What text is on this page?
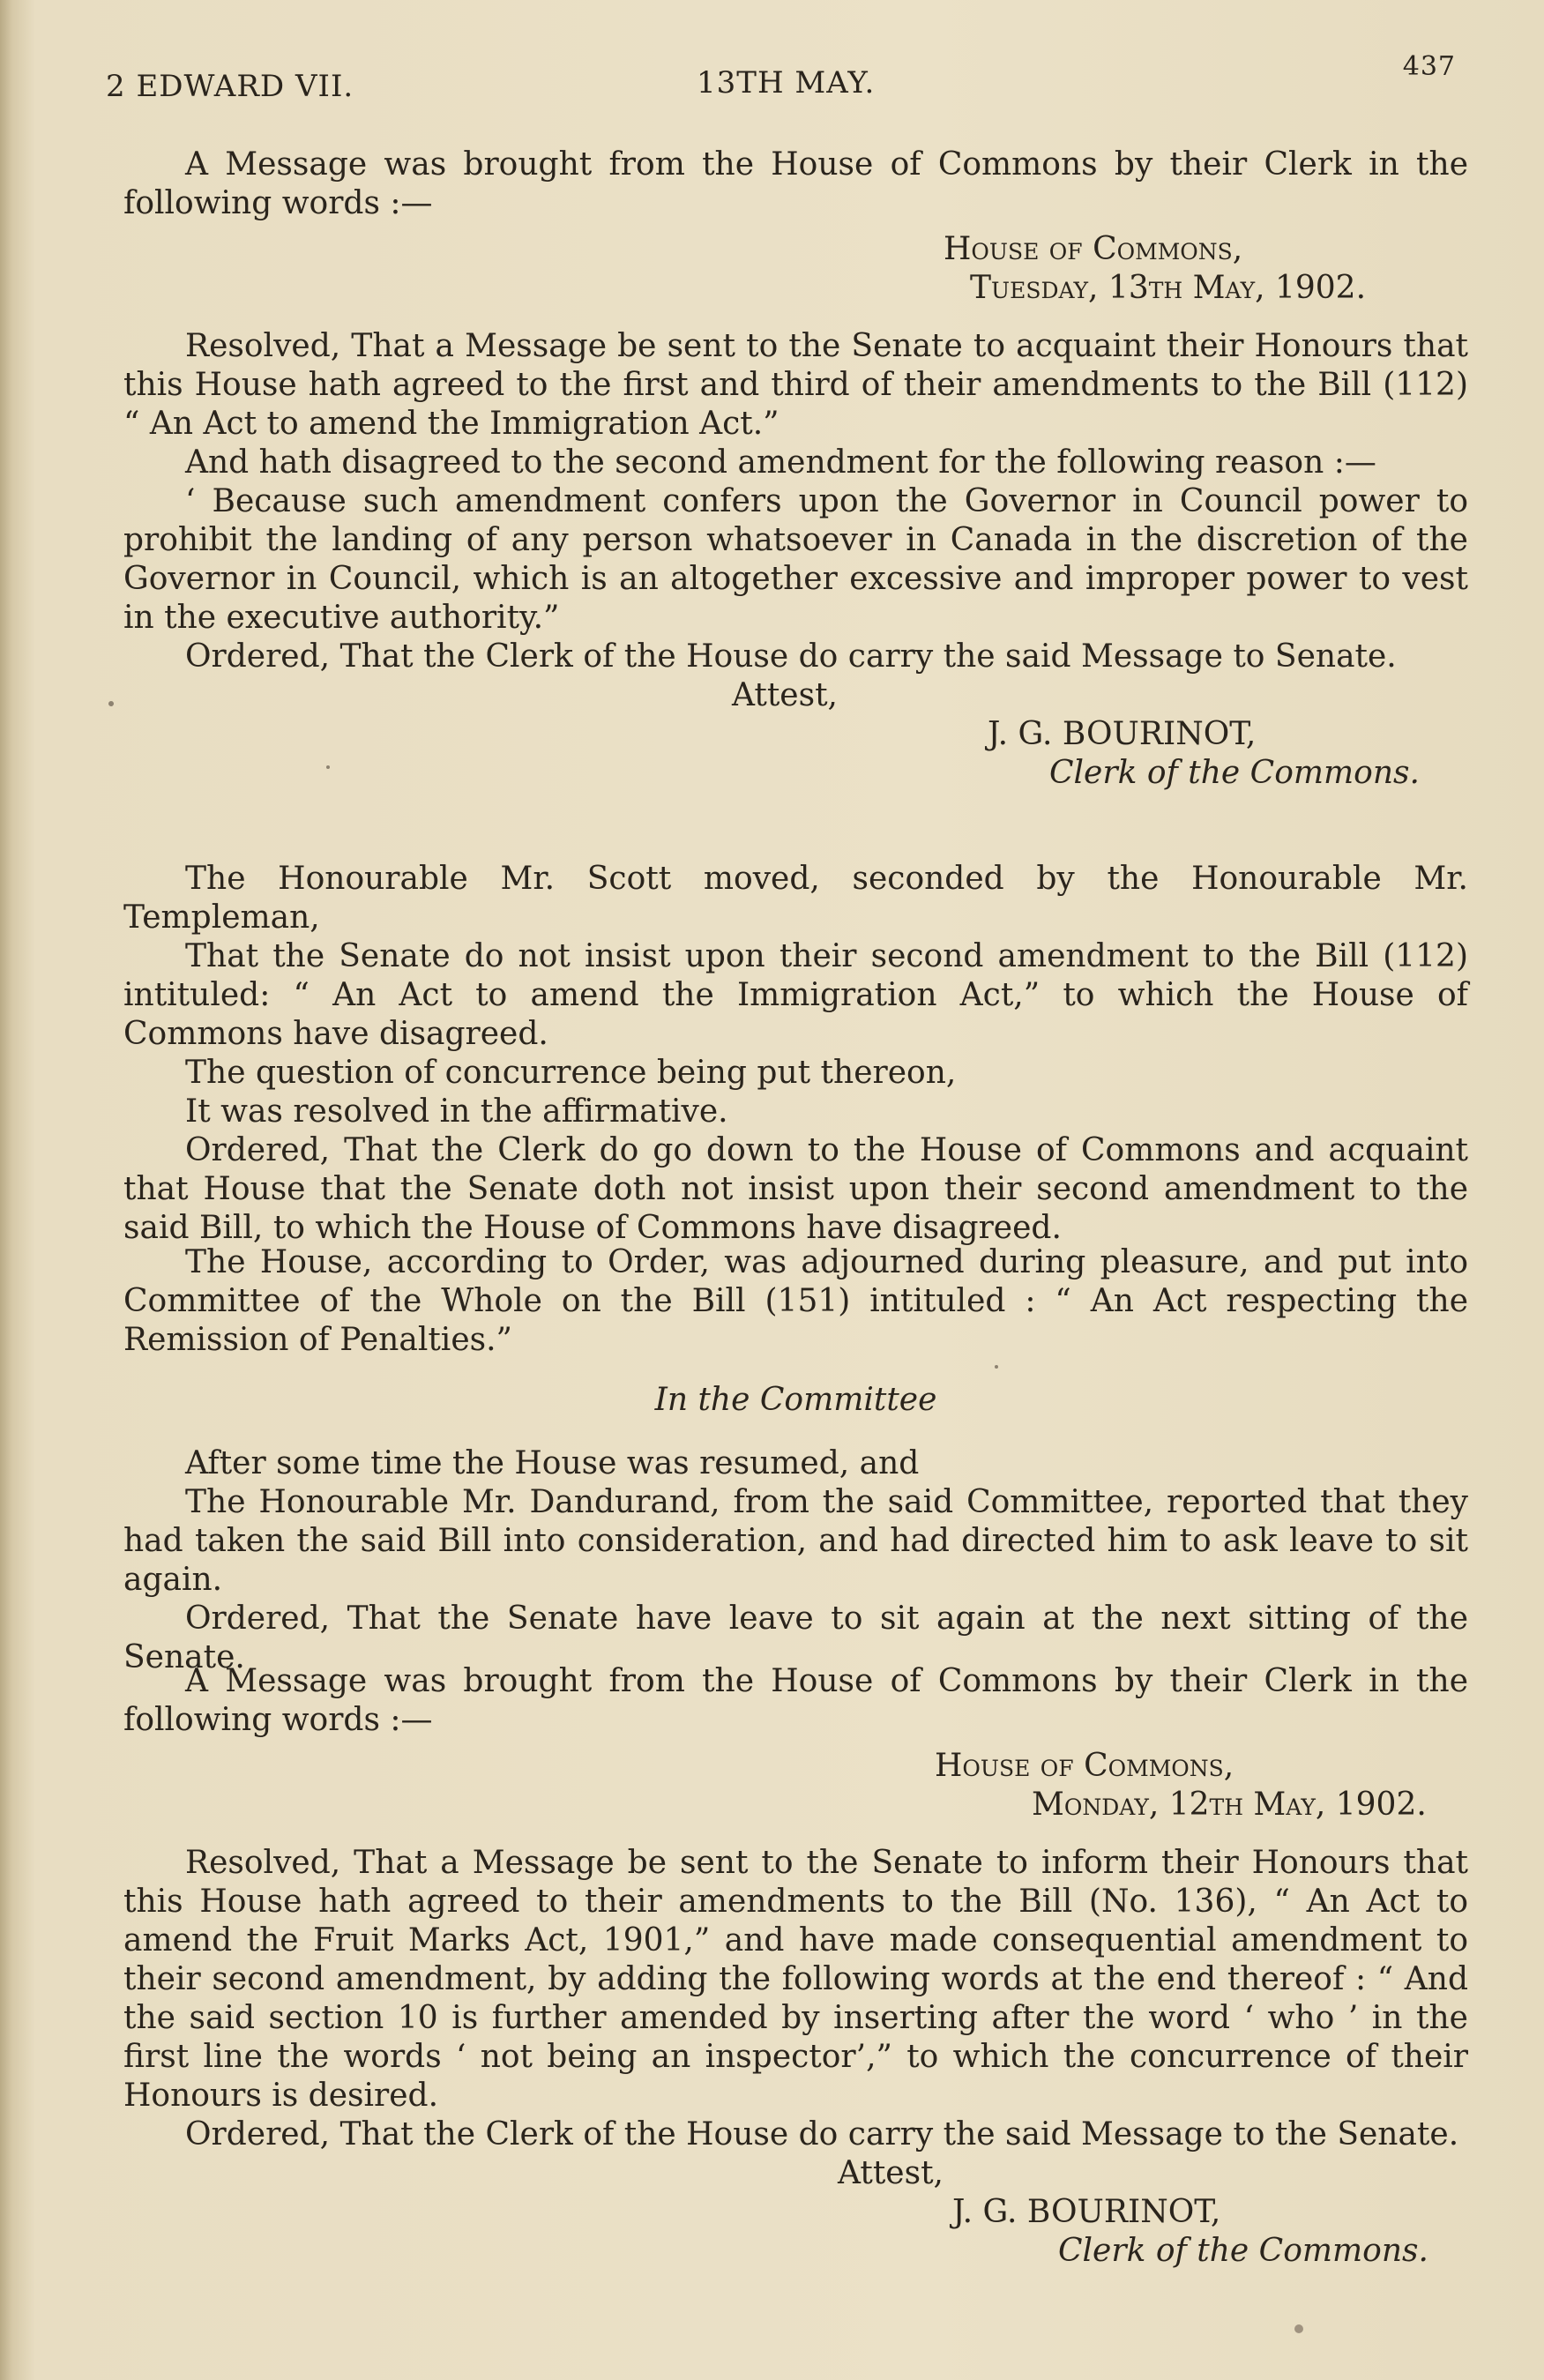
2 EDWARD VII.	13TH MAY.	437

A Message was brought from the House of Commons by their Clerk in the following words :—

House of Commons,

Tuesday, 13th May, 1902.

Resolved, That a Message be sent to the Senate to acquaint their Honours that this House hath agreed to the first and third of their amendments to the Bill (112) “ An Act to amend the Immigration Act.”

And hath disagreed to the second amendment for the following reason :—

‘ Because such amendment confers upon the Governor in Council power to prohibit the landing of any person whatsoever in Canada in the discretion of the Governor in Council, which is an altogether excessive and improper power to vest in the executive authority.”

Ordered, That the Clerk of the House do carry the said Message to Senate.

Attest,

J. G. BOURINOT,

Clerk of the Commons.

The Honourable Mr. Scott moved, seconded by the Honourable Mr. Templeman,

That the Senate do not insist upon their second amendment to the Bill (112) intituled: “ An Act to amend the Immigration Act,” to which the House of Commons have disagreed.

The question of concurrence being put thereon,

It was resolved in the affirmative.

Ordered, That the Clerk do go down to the House of Commons and acquaint that House that the Senate doth not insist upon their second amendment to the said Bill, to which the House of Commons have disagreed.

The House, according to Order, was adjourned during pleasure, and put into Committee of the Whole on the Bill (151) intituled : “ An Act respecting the Remission of Penalties.”

In the Committee

After some time the House was resumed, and

The Honourable Mr. Dandurand, from the said Committee, reported that they had taken the said Bill into consideration, and had directed him to ask leave to sit again.

Ordered, That the Senate have leave to sit again at the next sitting of the Senate.

A Message was brought from the House of Commons by their Clerk in the following words :—

House of Commons,

Monday, 12th May, 1902.

Resolved, That a Message be sent to the Senate to inform their Honours that this House hath agreed to their amendments to the Bill (No. 136), “ An Act to amend the Fruit Marks Act, 1901,” and have made consequential amendment to their second amendment, by adding the following words at the end thereof : “ And the said section 10 is further amended by inserting after the word ‘ who ’ in the first line the words ‘ not being an inspector’,” to which the concurrence of their Honours is desired.

Ordered, That the Clerk of the House do carry the said Message to the Senate.

Attest,

J. G. BOURINOT,

Clerk of the Commons.
